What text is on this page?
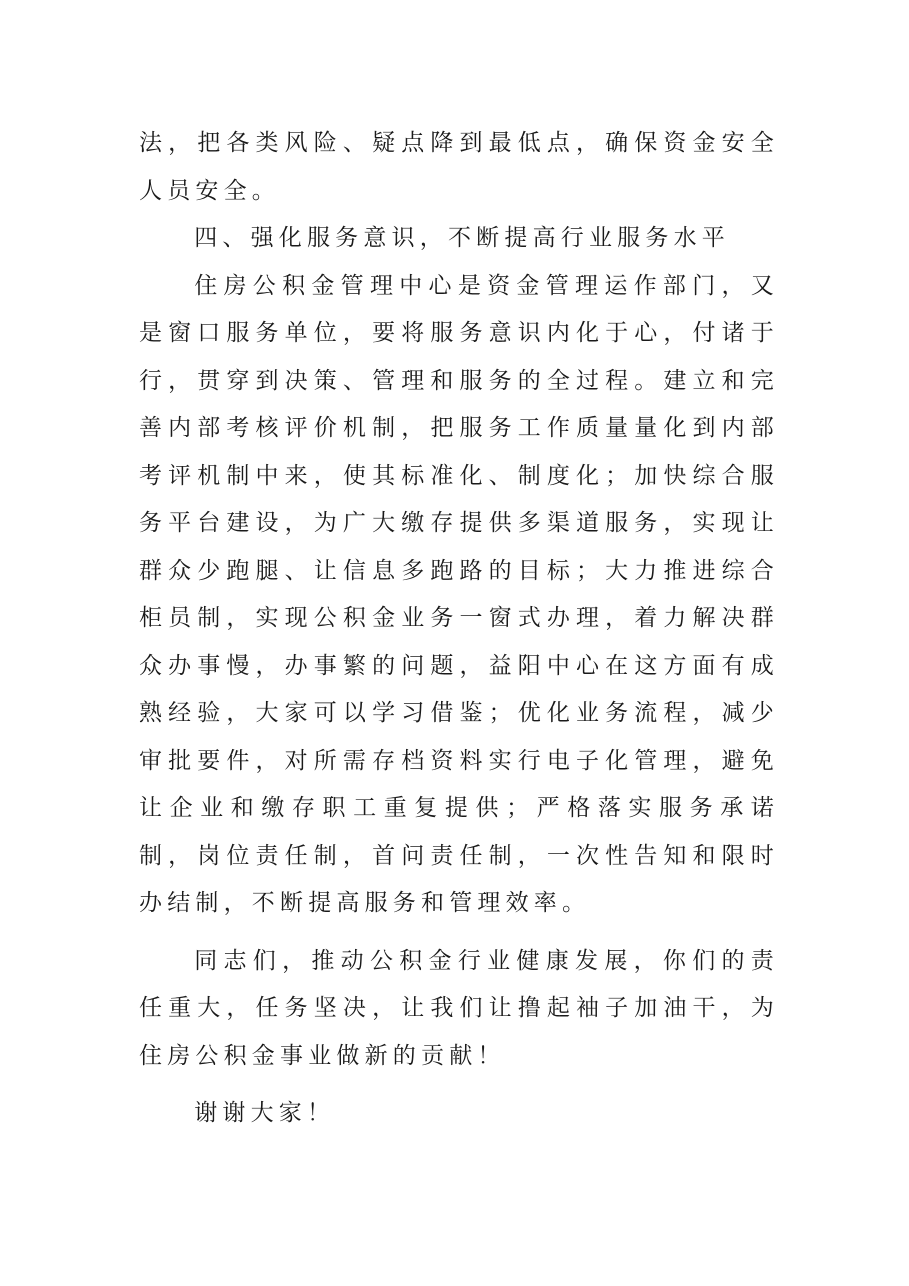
法，把各类风险、疑点降到最低点，确保资金安全人员安全。

四、强化服务意识，不断提高行业服务水平

住房公积金管理中心是资金管理运作部门，又是窗口服务单位，要将服务意识内化于心，付诸于行，贯穿到决策、管理和服务的全过程。建立和完善内部考核评价机制，把服务工作质量量化到内部考评机制中来，使其标准化、制度化；加快综合服务平台建设，为广大缴存提供多渠道服务，实现让群众少跑腿、让信息多跑路的目标；大力推进综合柜员制，实现公积金业务一窗式办理，着力解决群众办事慢，办事繁的问题，益阳中心在这方面有成熟经验，大家可以学习借鉴；优化业务流程，减少审批要件，对所需存档资料实行电子化管理，避免让企业和缴存职工重复提供；严格落实服务承诺制，岗位责任制，首问责任制，一次性告知和限时办结制，不断提高服务和管理效率。

同志们，推动公积金行业健康发展，你们的责任重大，任务坚决，让我们让撸起袖子加油干，为住房公积金事业做新的贡献！

谢谢大家！
